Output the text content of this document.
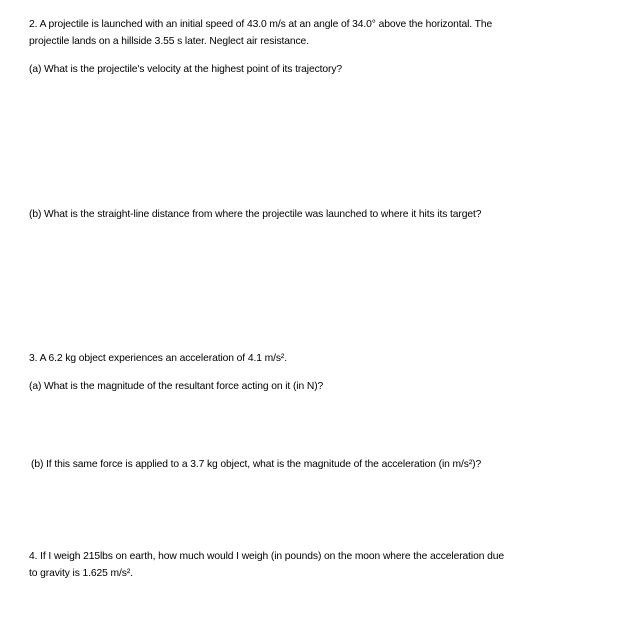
2. A projectile is launched with an initial speed of 43.0 m/s at an angle of 34.0° above the horizontal. The
projectile lands on a hillside 3.55 s later. Neglect air resistance.
(a) What is the projectile's velocity at the highest point of its trajectory?
(b) What is the straight-line distance from where the projectile was launched to where it hits its target?
3. A 6.2 kg object experiences an acceleration of 4.1 m/s².
(a) What is the magnitude of the resultant force acting on it (in N)?
(b) If this same force is applied to a 3.7 kg object, what is the magnitude of the acceleration (in m/s²)?
4. If I weigh 215lbs on earth, how much would I weigh (in pounds) on the moon where the acceleration due
to gravity is 1.625 m/s².
